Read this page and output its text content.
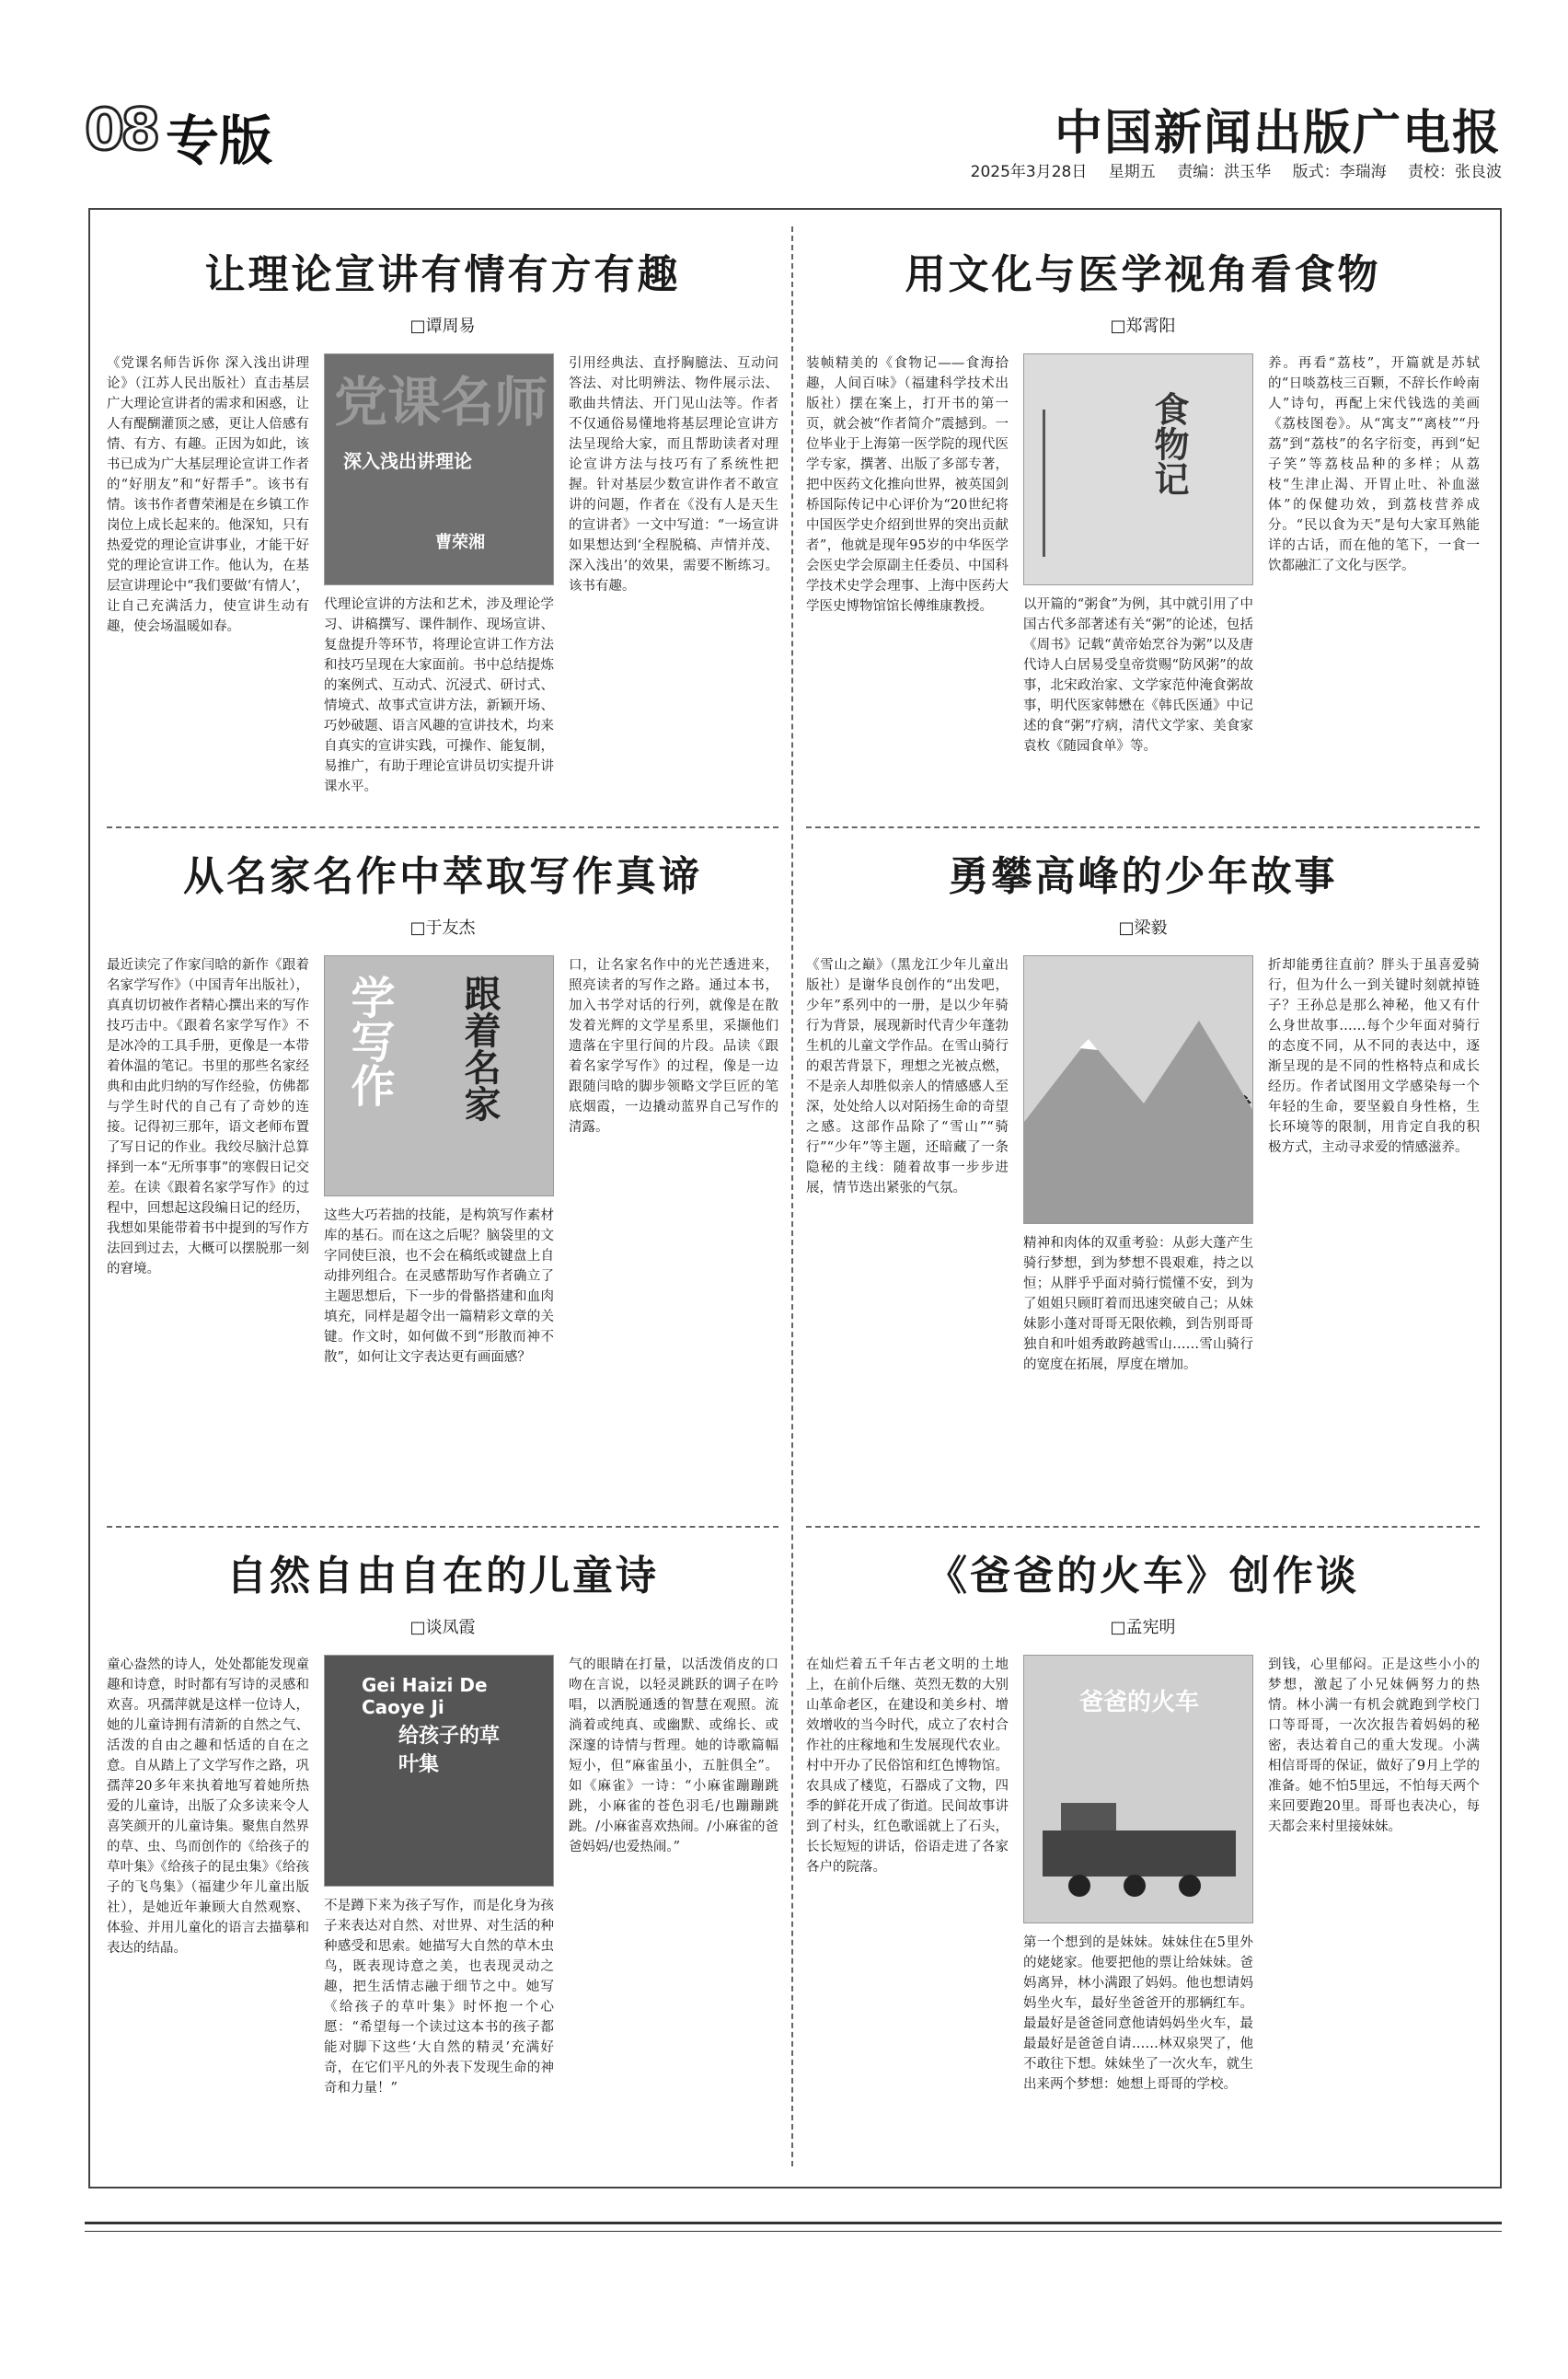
08 专版	中国新闻出版广电报
2025年3月28日 星期五 责编：洪玉华 版式：李瑞海 责校：张良波
让理论宣讲有情有方有趣
□谭周易
《党课名师告诉你 深入浅出讲理论》（江苏人民出版社）直击基层广大理论宣讲者的需求和困惑，让人有醍醐灌顶之感，更让人倍感有情、有方、有趣。正因为如此，该书已成为广大基层理论宣讲工作者的“好朋友”和“好帮手”。该书有情。该书作者曹荣湘是在乡镇工作岗位上成长起来的。他深知，只有热爱党的理论宣讲事业，才能干好党的理论宣讲工作。他认为，在基层宣讲理论中“我们要做‘有情人’，让自己充满活力，使宣讲生动有趣，使会场温暖如春。
党课名师
深入浅出讲理论
曹荣湘
代理论宣讲的方法和艺术，涉及理论学习、讲稿撰写、课件制作、现场宣讲、复盘提升等环节，将理论宣讲工作方法和技巧呈现在大家面前。书中总结提炼的案例式、互动式、沉浸式、研讨式、情境式、故事式宣讲方法，新颖开场、巧妙破题、语言风趣的宣讲技术，均来自真实的宣讲实践，可操作、能复制，易推广，有助于理论宣讲员切实提升讲课水平。
引用经典法、直抒胸臆法、互动问答法、对比明辨法、物件展示法、歌曲共情法、开门见山法等。作者不仅通俗易懂地将基层理论宣讲方法呈现给大家，而且帮助读者对理论宣讲方法与技巧有了系统性把握。针对基层少数宣讲作者不敢宣讲的问题，作者在《没有人是天生的宣讲者》一文中写道：“一场宣讲如果想达到‘全程脱稿、声情并茂、深入浅出’的效果，需要不断练习。该书有趣。
用文化与医学视角看食物
□郑霄阳
装帧精美的《食物记——食海拾趣，人间百味》（福建科学技术出版社）摆在案上，打开书的第一页，就会被“作者简介”震撼到。一位毕业于上海第一医学院的现代医学专家，撰著、出版了多部专著，把中医药文化推向世界，被英国剑桥国际传记中心评价为“20世纪将中国医学史介绍到世界的突出贡献者”，他就是现年95岁的中华医学会医史学会原副主任委员、中国科学技术史学会理事、上海中医药大学医史博物馆馆长傅维康教授。
食物记
以开篇的“粥食”为例，其中就引用了中国古代多部著述有关“粥”的论述，包括《周书》记载“黄帝始烹谷为粥”以及唐代诗人白居易受皇帝赏赐“防风粥”的故事，北宋政治家、文学家范仲淹食粥故事，明代医家韩懋在《韩氏医通》中记述的食“粥”疗病，清代文学家、美食家袁枚《随园食单》等。
养。再看“荔枝”，开篇就是苏轼的“日啖荔枝三百颗，不辞长作岭南人”诗句，再配上宋代钱选的美画《荔枝图卷》。从“寓支”“离枝”“丹荔”到“荔枝”的名字衍变，再到“妃子笑”等荔枝品种的多样；从荔枝“生津止渴、开胃止吐、补血滋体”的保健功效，到荔枝营养成分。“民以食为天”是句大家耳熟能详的古话，而在他的笔下，一食一饮都融汇了文化与医学。
从名家名作中萃取写作真谛
□于友杰
最近读完了作家闫晗的新作《跟着名家学写作》（中国青年出版社），真真切切被作者精心撰出来的写作技巧击中。《跟着名家学写作》不是冰冷的工具手册，更像是一本带着体温的笔记。书里的那些名家经典和由此归纳的写作经验，仿佛都与学生时代的自己有了奇妙的连接。记得初三那年，语文老师布置了写日记的作业。我绞尽脑汁总算择到一本“无所事事”的寒假日记交差。在读《跟着名家学写作》的过程中，回想起这段编日记的经历，我想如果能带着书中提到的写作方法回到过去，大概可以摆脱那一刻的窘境。
学写作 跟着名家
这些大巧若拙的技能，是构筑写作素材库的基石。而在这之后呢？脑袋里的文字同使巨浪，也不会在稿纸或键盘上自动排列组合。在灵感帮助写作者确立了主题思想后，下一步的骨骼搭建和血肉填充，同样是超令出一篇精彩文章的关键。作文时，如何做不到“形散而神不散”，如何让文字表达更有画面感？
口，让名家名作中的光芒透进来，照亮读者的写作之路。通过本书，加入书学对话的行列，就像是在散发着光辉的文学星系里，采撷他们遗落在宇里行间的片段。品读《跟着名家学写作》的过程，像是一边跟随闫晗的脚步领略文学巨匠的笔底烟霞，一边撬动蓝界自己写作的清露。
勇攀高峰的少年故事
□梁毅
《雪山之巅》（黑龙江少年儿童出版社）是谢华良创作的“出发吧，少年”系列中的一册，是以少年骑行为背景，展现新时代青少年蓬勃生机的儿童文学作品。在雪山骑行的艰苦背景下，理想之光被点燃，不是亲人却胜似亲人的情感感人至深，处处给人以对陌扬生命的奇望之感。这部作品除了“雪山”“骑行”“少年”等主题，还暗藏了一条隐秘的主线：随着故事一步步进展，情节迭出紧张的气氛。
精神和肉体的双重考验：从彭大蓬产生骑行梦想，到为梦想不畏艰难，持之以恒；从胖乎乎面对骑行慌懂不安，到为了姐姐只顾盯着而迅速突破自己；从妹妹影小蓬对哥哥无限依赖，到告别哥哥独自和叶姐秀敢跨越雪山……雪山骑行的宽度在拓展，厚度在增加。
折却能勇往直前？胖头于虽喜爱骑行，但为什么一到关键时刻就掉链子？王孙总是那么神秘，他又有什么身世故事……每个少年面对骑行的态度不同，从不同的表达中，逐渐呈现的是不同的性格特点和成长经历。作者试图用文学感染每一个年轻的生命，要坚毅自身性格，生长环境等的限制，用肯定自我的积极方式，主动寻求爱的情感滋养。
自然自由自在的儿童诗
□谈凤霞
童心盎然的诗人，处处都能发现童趣和诗意，时时都有写诗的灵感和欢喜。巩孺萍就是这样一位诗人，她的儿童诗拥有清新的自然之气、活泼的自由之趣和恬适的自在之意。自从踏上了文学写作之路，巩孺萍20多年来执着地写着她所热爱的儿童诗，出版了众多读来令人喜笑颜开的儿童诗集。聚焦自然界的草、虫、鸟而创作的《给孩子的草叶集》《给孩子的昆虫集》《给孩子的飞鸟集》（福建少年儿童出版社），是她近年兼顾大自然观察、体验、并用儿童化的语言去描摹和表达的结晶。
Gei Haizi De Caoye Ji
给孩子的草叶集
不是蹲下来为孩子写作，而是化身为孩子来表达对自然、对世界、对生活的种种感受和思索。她描写大自然的草木虫鸟，既表现诗意之美，也表现灵动之趣，把生活情志融于细节之中。她写《给孩子的草叶集》时怀抱一个心愿：“希望每一个读过这本书的孩子都能对脚下这些‘大自然的精灵’充满好奇，在它们平凡的外表下发现生命的神奇和力量！”
气的眼睛在打量，以活泼俏皮的口吻在言说，以轻灵跳跃的调子在吟唱，以洒脱通透的智慧在观照。流淌着或纯真、或幽默、或绵长、或深邃的诗情与哲理。她的诗歌篇幅短小，但“麻雀虽小，五脏俱全”。如《麻雀》一诗：“小麻雀蹦蹦跳跳，小麻雀的苍色羽毛/也蹦蹦跳跳。/小麻雀喜欢热闹。/小麻雀的爸爸妈妈/也爱热闹。”
《爸爸的火车》创作谈
□孟宪明
在灿烂着五千年古老文明的土地上，在前仆后继、英烈无数的大别山革命老区，在建设和美乡村、增效增收的当今时代，成立了农村合作社的庄稼地和生发展现代农业。村中开办了民俗馆和红色博物馆。农具成了楼览，石器成了文物，四季的鲜花开成了街道。民间故事讲到了村头，红色歌谣就上了石头，长长短短的讲话，俗语走进了各家各户的院落。
爸爸的火车
第一个想到的是妹妹。妹妹住在5里外的姥姥家。他要把他的票让给妹妹。爸妈离异，林小满跟了妈妈。他也想请妈妈坐火车，最好坐爸爸开的那辆红车。最最好是爸爸同意他请妈妈坐火车，最最最好是爸爸自请……林双泉哭了，他不敢往下想。妹妹坐了一次火车，就生出来两个梦想：她想上哥哥的学校。
到钱，心里郁闷。正是这些小小的梦想，激起了小兄妹俩努力的热情。林小满一有机会就跑到学校门口等哥哥，一次次报告着妈妈的秘密，表达着自己的重大发现。小满相信哥哥的保证，做好了9月上学的准备。她不怕5里远，不怕每天两个来回要跑20里。哥哥也表决心，每天都会来村里接妹妹。
